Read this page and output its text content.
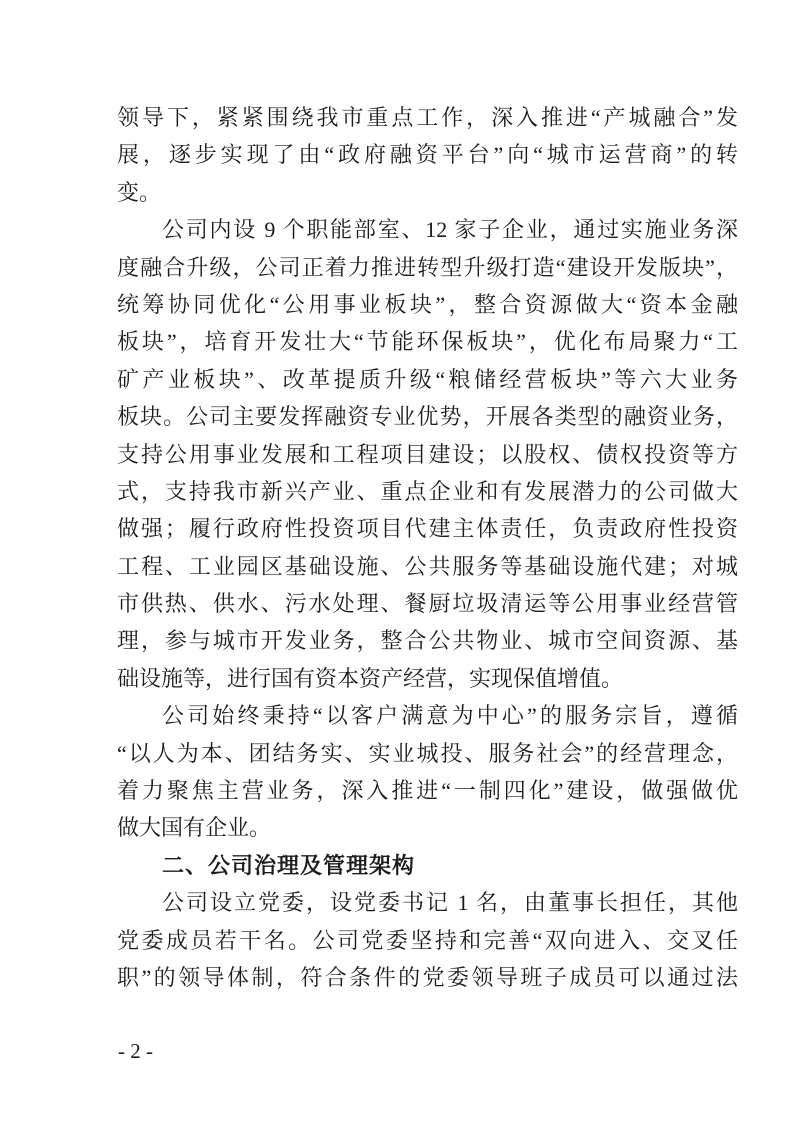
领导下，紧紧围绕我市重点工作，深入推进“产城融合”发
展，逐步实现了由“政府融资平台”向“城市运营商”的转
变。
公司内设 9 个职能部室、12 家子企业，通过实施业务深
度融合升级，公司正着力推进转型升级打造“建设开发版块”，
统筹协同优化“公用事业板块”，整合资源做大“资本金融
板块”，培育开发壮大“节能环保板块”，优化布局聚力“工
矿产业板块”、改革提质升级“粮储经营板块”等六大业务
板块。公司主要发挥融资专业优势，开展各类型的融资业务，
支持公用事业发展和工程项目建设；以股权、债权投资等方
式，支持我市新兴产业、重点企业和有发展潜力的公司做大
做强；履行政府性投资项目代建主体责任，负责政府性投资
工程、工业园区基础设施、公共服务等基础设施代建；对城
市供热、供水、污水处理、餐厨垃圾清运等公用事业经营管
理，参与城市开发业务，整合公共物业、城市空间资源、基
础设施等，进行国有资本资产经营，实现保值增值。
公司始终秉持“以客户满意为中心”的服务宗旨，遵循
“以人为本、团结务实、实业城投、服务社会”的经营理念，
着力聚焦主营业务，深入推进“一制四化”建设，做强做优
做大国有企业。
二、公司治理及管理架构
公司设立党委，设党委书记 1 名，由董事长担任，其他
党委成员若干名。公司党委坚持和完善“双向进入、交叉任
职”的领导体制，符合条件的党委领导班子成员可以通过法
- 2 -
